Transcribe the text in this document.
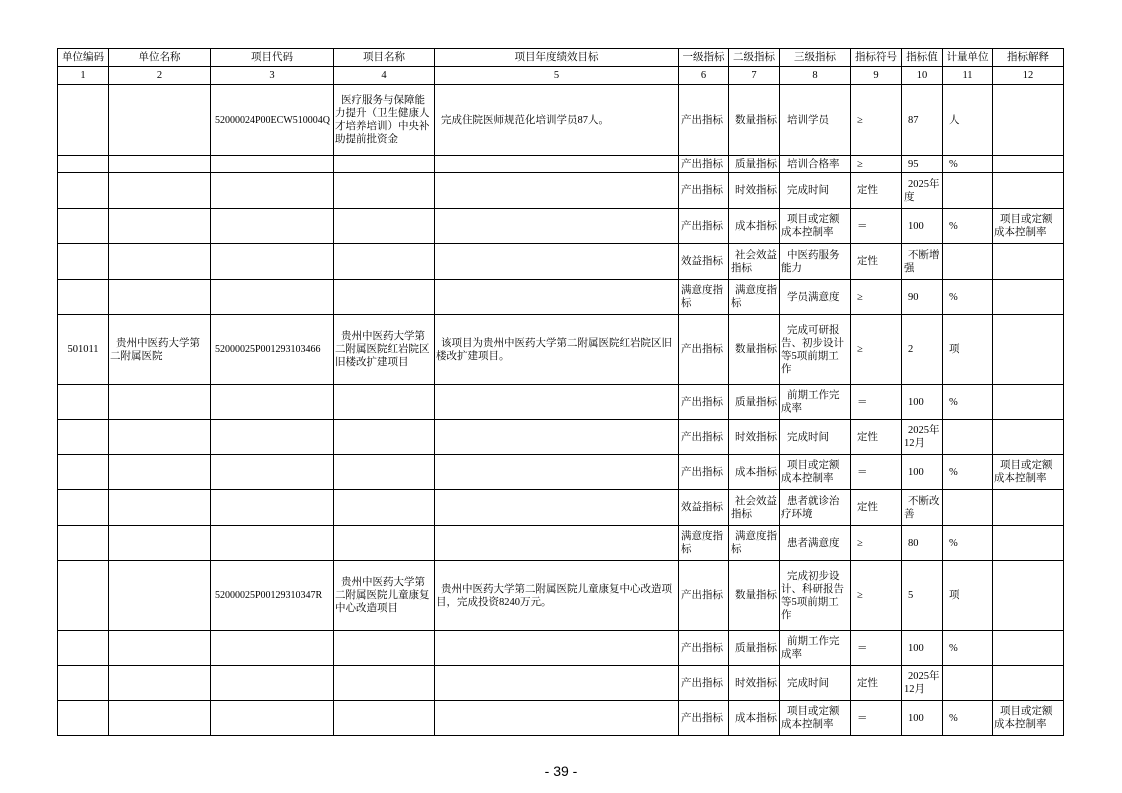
单位编码	单位名称	项目代码	项目名称	项目年度绩效目标	一级指标	二级指标	三级指标	指标符号	指标值	计量单位	指标解释
1	2	3	4	5	6	7	8	9	10	11	12
		52000024P00ECW510004Q	医疗服务与保障能力提升（卫生健康人才培养培训）中央补助提前批资金	完成住院医师规范化培训学员87人。	产出指标	数量指标	培训学员	≥	87	人	
					产出指标	质量指标	培训合格率	≥	95	%	
					产出指标	时效指标	完成时间	定性	2025年度		
					产出指标	成本指标	项目或定额成本控制率	＝	100	%	项目或定额成本控制率
					效益指标	社会效益指标	中医药服务能力	定性	不断增强		
					满意度指标	满意度指标	学员满意度	≥	90	%	
501011	贵州中医药大学第二附属医院	52000025P001293103466	贵州中医药大学第二附属医院红岩院区旧楼改扩建项目	该项目为贵州中医药大学第二附属医院红岩院区旧楼改扩建项目。	产出指标	数量指标	完成可研报告、初步设计等5项前期工作	≥	2	项	
					产出指标	质量指标	前期工作完成率	＝	100	%	
					产出指标	时效指标	完成时间	定性	2025年12月		
					产出指标	成本指标	项目或定额成本控制率	＝	100	%	项目或定额成本控制率
					效益指标	社会效益指标	患者就诊治疗环境	定性	不断改善		
					满意度指标	满意度指标	患者满意度	≥	80	%	
		52000025P00129310347R	贵州中医药大学第二附属医院儿童康复中心改造项目	贵州中医药大学第二附属医院儿童康复中心改造项目，完成投资8240万元。	产出指标	数量指标	完成初步设计、科研报告等5项前期工作	≥	5	项	
					产出指标	质量指标	前期工作完成率	＝	100	%	
					产出指标	时效指标	完成时间	定性	2025年12月		
					产出指标	成本指标	项目或定额成本控制率	＝	100	%	项目或定额成本控制率
- 39 -
